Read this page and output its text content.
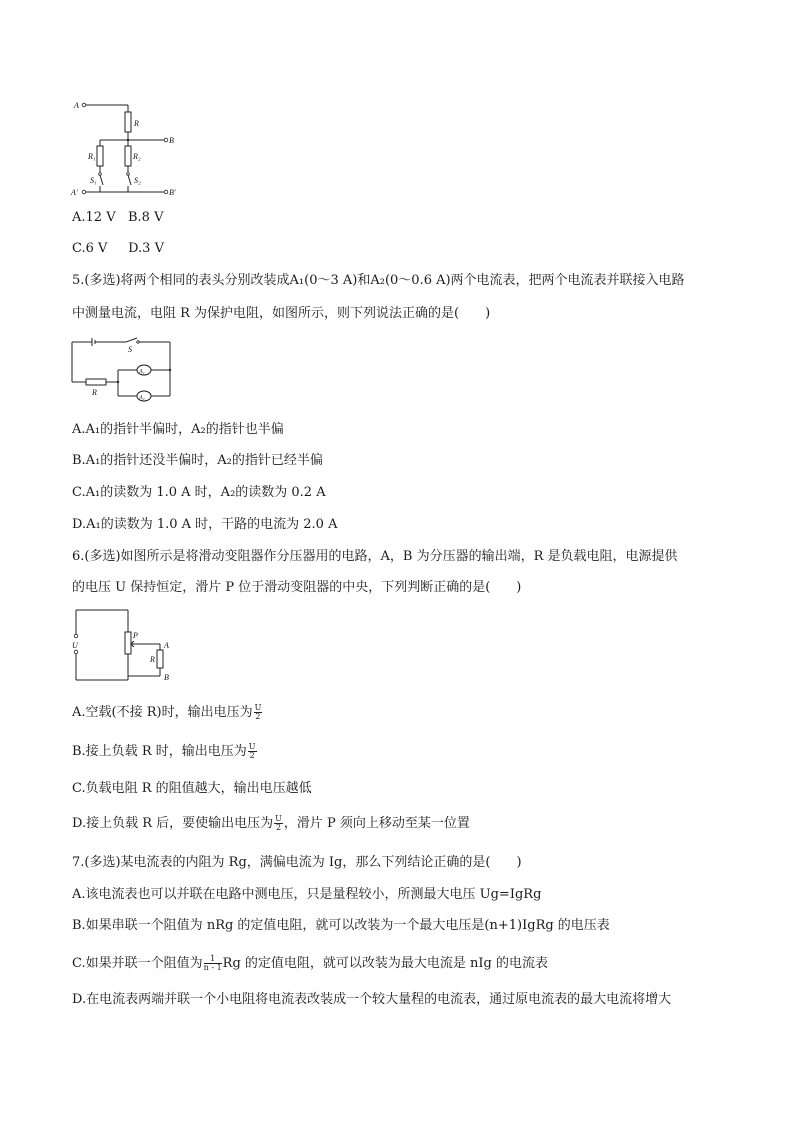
A
R
B
R₁	R₂
S₁	S₂
A′	B′
A.12 V B.8 V
C.6 V D.3 V
5.(多选)将两个相同的表头分别改装成A₁(0～3 A)和A₂(0～0.6 A)两个电流表，把两个电流表并联接入电路
中测量电流，电阻 R 为保护电阻，如图所示，则下列说法正确的是(　　)
S
R
A₁
A₂
A.A₁的指针半偏时，A₂的指针也半偏
B.A₁的指针还没半偏时，A₂的指针已经半偏
C.A₁的读数为 1.0 A 时，A₂的读数为 0.2 A
D.A₁的读数为 1.0 A 时，干路的电流为 2.0 A
6.(多选)如图所示是将滑动变阻器作分压器用的电路，A，B 为分压器的输出端，R 是负载电阻，电源提供
的电压 U 保持恒定，滑片 P 位于滑动变阻器的中央，下列判断正确的是(　　)
U
P
R
A
B
A.空载(不接 R)时，输出电压为 $\frac{U}{2}$
B.接上负载 R 时，输出电压为 $\frac{U}{2}$
C.负载电阻 R 的阻值越大，输出电压越低
D.接上负载 R 后，要使输出电压为 $\frac{U}{2}$ ，滑片 P 须向上移动至某一位置
7.(多选)某电流表的内阻为 Rg，满偏电流为 Ig，那么下列结论正确的是(　　)
A.该电流表也可以并联在电路中测电压，只是量程较小，所测最大电压 Ug=IgRg
B.如果串联一个阻值为 nRg 的定值电阻，就可以改装为一个最大电压是(n+1)IgRg 的电压表
C.如果并联一个阻值为 $\frac{1}{n - 1}$ Rg 的定值电阻，就可以改装为最大电流是 nIg 的电流表
D.在电流表两端并联一个小电阻将电流表改装成一个较大量程的电流表，通过原电流表的最大电流将增大
